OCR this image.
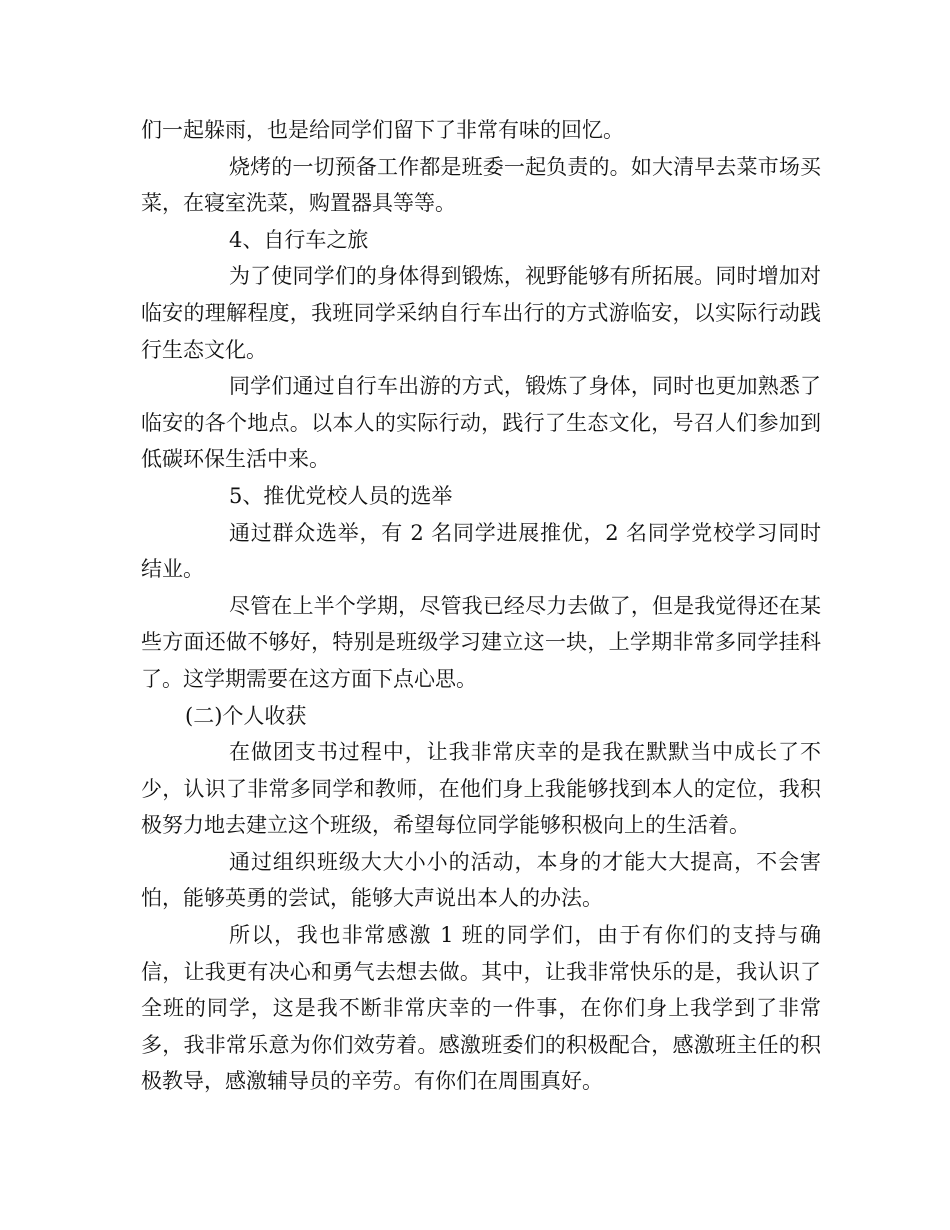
们一起躲雨，也是给同学们留下了非常有味的回忆。

烧烤的一切预备工作都是班委一起负责的。如大清早去菜市场买菜，在寝室洗菜，购置器具等等。

4、自行车之旅

为了使同学们的身体得到锻炼，视野能够有所拓展。同时增加对临安的理解程度，我班同学采纳自行车出行的方式游临安，以实际行动践行生态文化。

同学们通过自行车出游的方式，锻炼了身体，同时也更加熟悉了临安的各个地点。以本人的实际行动，践行了生态文化，号召人们参加到低碳环保生活中来。

5、推优党校人员的选举

通过群众选举，有 2 名同学进展推优，2 名同学党校学习同时结业。

尽管在上半个学期，尽管我已经尽力去做了，但是我觉得还在某些方面还做不够好，特别是班级学习建立这一块，上学期非常多同学挂科了。这学期需要在这方面下点心思。

(二)个人收获

在做团支书过程中，让我非常庆幸的是我在默默当中成长了不少，认识了非常多同学和教师，在他们身上我能够找到本人的定位，我积极努力地去建立这个班级，希望每位同学能够积极向上的生活着。

通过组织班级大大小小的活动，本身的才能大大提高，不会害怕，能够英勇的尝试，能够大声说出本人的办法。

所以，我也非常感激 1 班的同学们，由于有你们的支持与确信，让我更有决心和勇气去想去做。其中，让我非常快乐的是，我认识了全班的同学，这是我不断非常庆幸的一件事，在你们身上我学到了非常多，我非常乐意为你们效劳着。感激班委们的积极配合，感激班主任的积极教导，感激辅导员的辛劳。有你们在周围真好。
